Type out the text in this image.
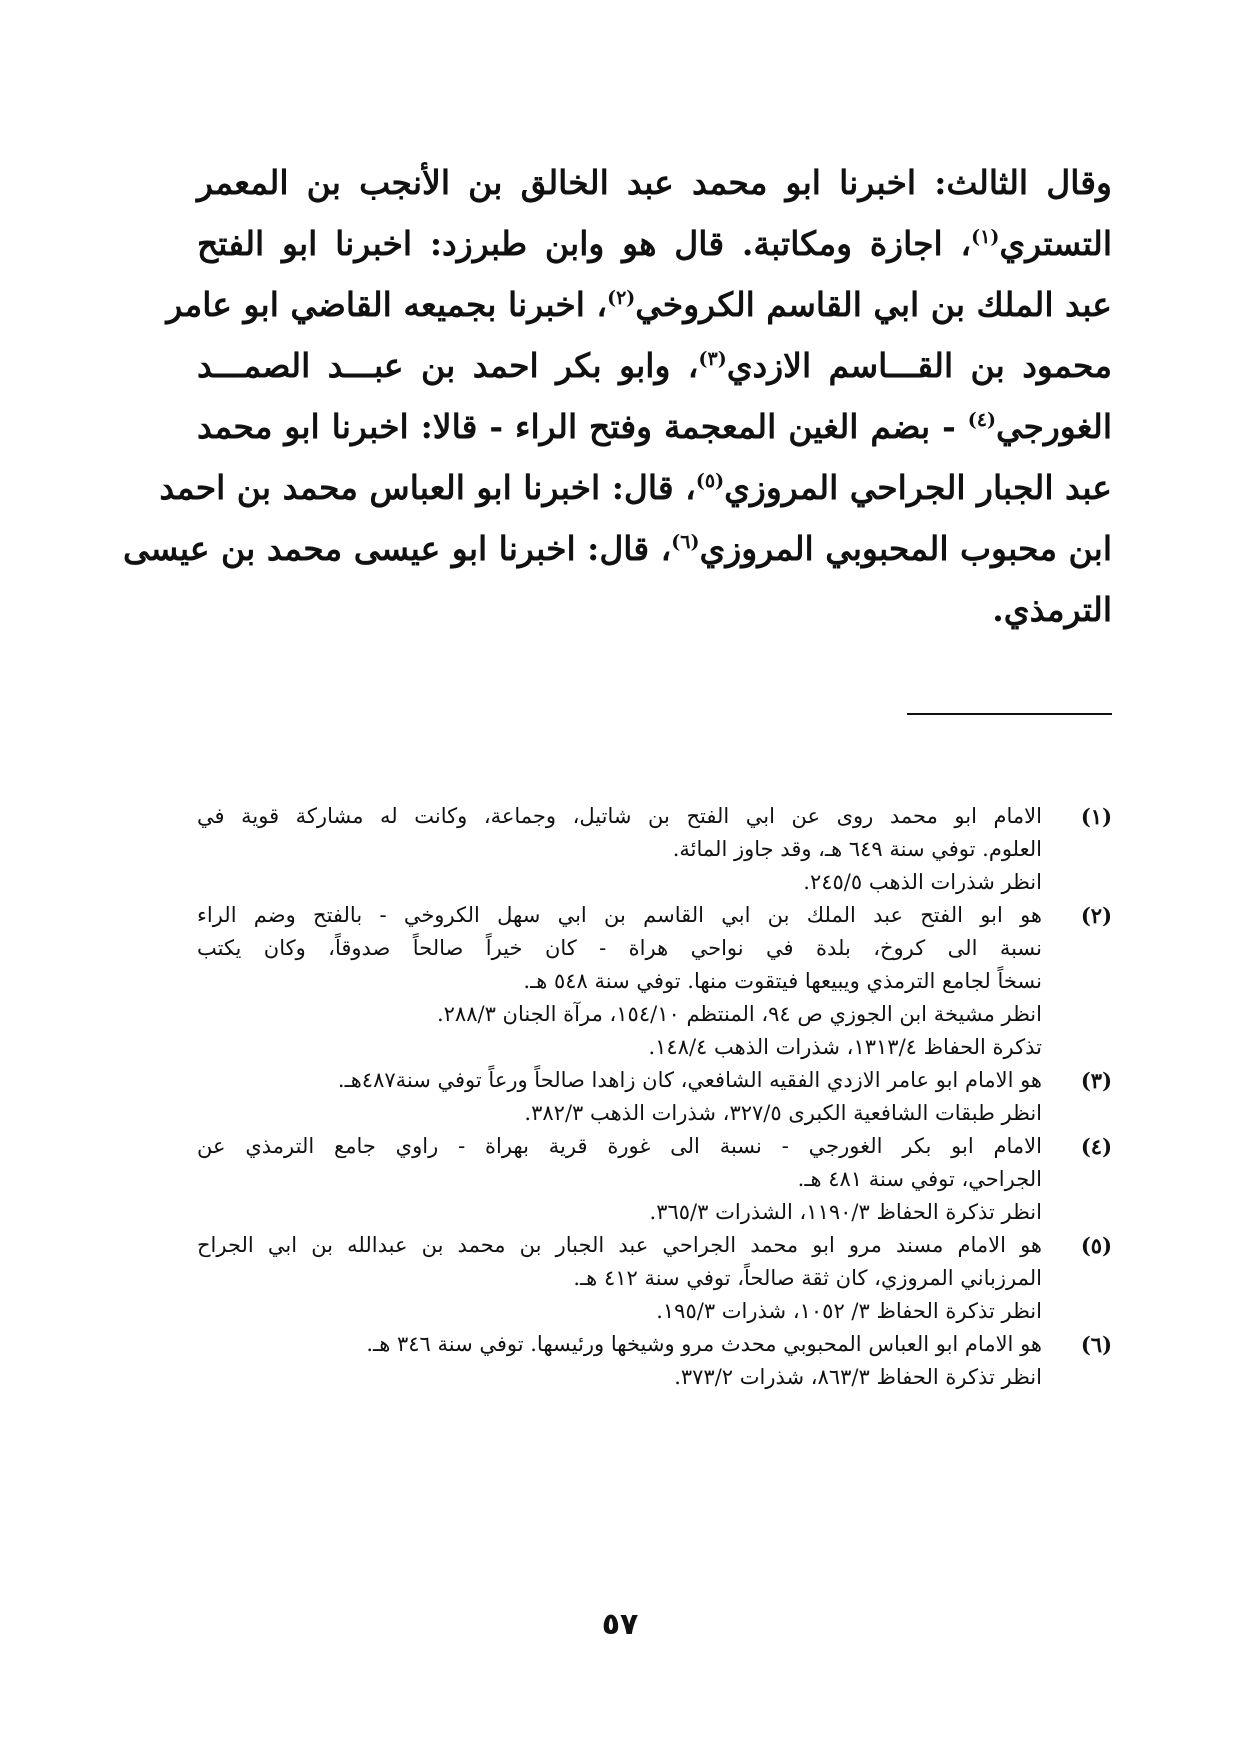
وقال الثالث: اخبرنا ابو محمد عبد الخالق بن الأنجب بن المعمر
التستري$^{(١)}$، اجازة ومكاتبة. قال هو وابن طبرزد: اخبرنا ابو الفتح
عبد الملك بن ابي القاسم الكروخي$^{(٢)}$، اخبرنا بجميعه القاضي ابو عامر
محمود بن القـــاسم الازدي$^{(٣)}$، وابو بكر احمد بن عبـــد الصمـــد
الغورجي$^{(٤)}$ - بضم الغين المعجمة وفتح الراء - قالا: اخبرنا ابو محمد
عبد الجبار الجراحي المروزي$^{(٥)}$، قال: اخبرنا ابو العباس محمد بن احمد
ابن محبوب المحبوبي المروزي$^{(٦)}$، قال: اخبرنا ابو عيسى محمد بن عيسى
الترمذي.
(١)
الامام ابو محمد روى عن ابي الفتح بن شاتيل، وجماعة، وكانت له مشاركة قوية في
العلوم. توفي سنة ٦٤٩ هـ، وقد جاوز المائة.
انظر شذرات الذهب ٢٤٥/٥.
(٢)
هو ابو الفتح عبد الملك بن ابي القاسم بن ابي سهل الكروخي - بالفتح وضم الراء
نسبة الى كروخ، بلدة في نواحي هراة - كان خيراً صالحاً صدوقاً، وكان يكتب
نسخاً لجامع الترمذي ويبيعها فيتقوت منها. توفي سنة ٥٤٨ هـ.
انظر مشيخة ابن الجوزي ص ٩٤، المنتظم ١٥٤/١٠، مرآة الجنان ٢٨٨/٣.
تذكرة الحفاظ ١٣١٣/٤، شذرات الذهب ١٤٨/٤.
(٣)
هو الامام ابو عامر الازدي الفقيه الشافعي، كان زاهدا صالحاً ورعاً توفي سنة٤٨٧هـ.
انظر طبقات الشافعية الكبرى ٣٢٧/٥، شذرات الذهب ٣٨٢/٣.
(٤)
الامام ابو بكر الغورجي - نسبة الى غورة قرية بهراة - راوي جامع الترمذي عن
الجراحي، توفي سنة ٤٨١ هـ.
انظر تذكرة الحفاظ ١١٩٠/٣، الشذرات ٣٦٥/٣.
(٥)
هو الامام مسند مرو ابو محمد الجراحي عبد الجبار بن محمد بن عبدالله بن ابي الجراح
المرزباني المروزي، كان ثقة صالحاً، توفي سنة ٤١٢ هـ.
انظر تذكرة الحفاظ ٣/ ١٠٥٢، شذرات ١٩٥/٣.
(٦)
هو الامام ابو العباس المحبوبي محدث مرو وشيخها ورئيسها. توفي سنة ٣٤٦ هـ.
انظر تذكرة الحفاظ ٨٦٣/٣، شذرات ٣٧٣/٢.
٥٧
